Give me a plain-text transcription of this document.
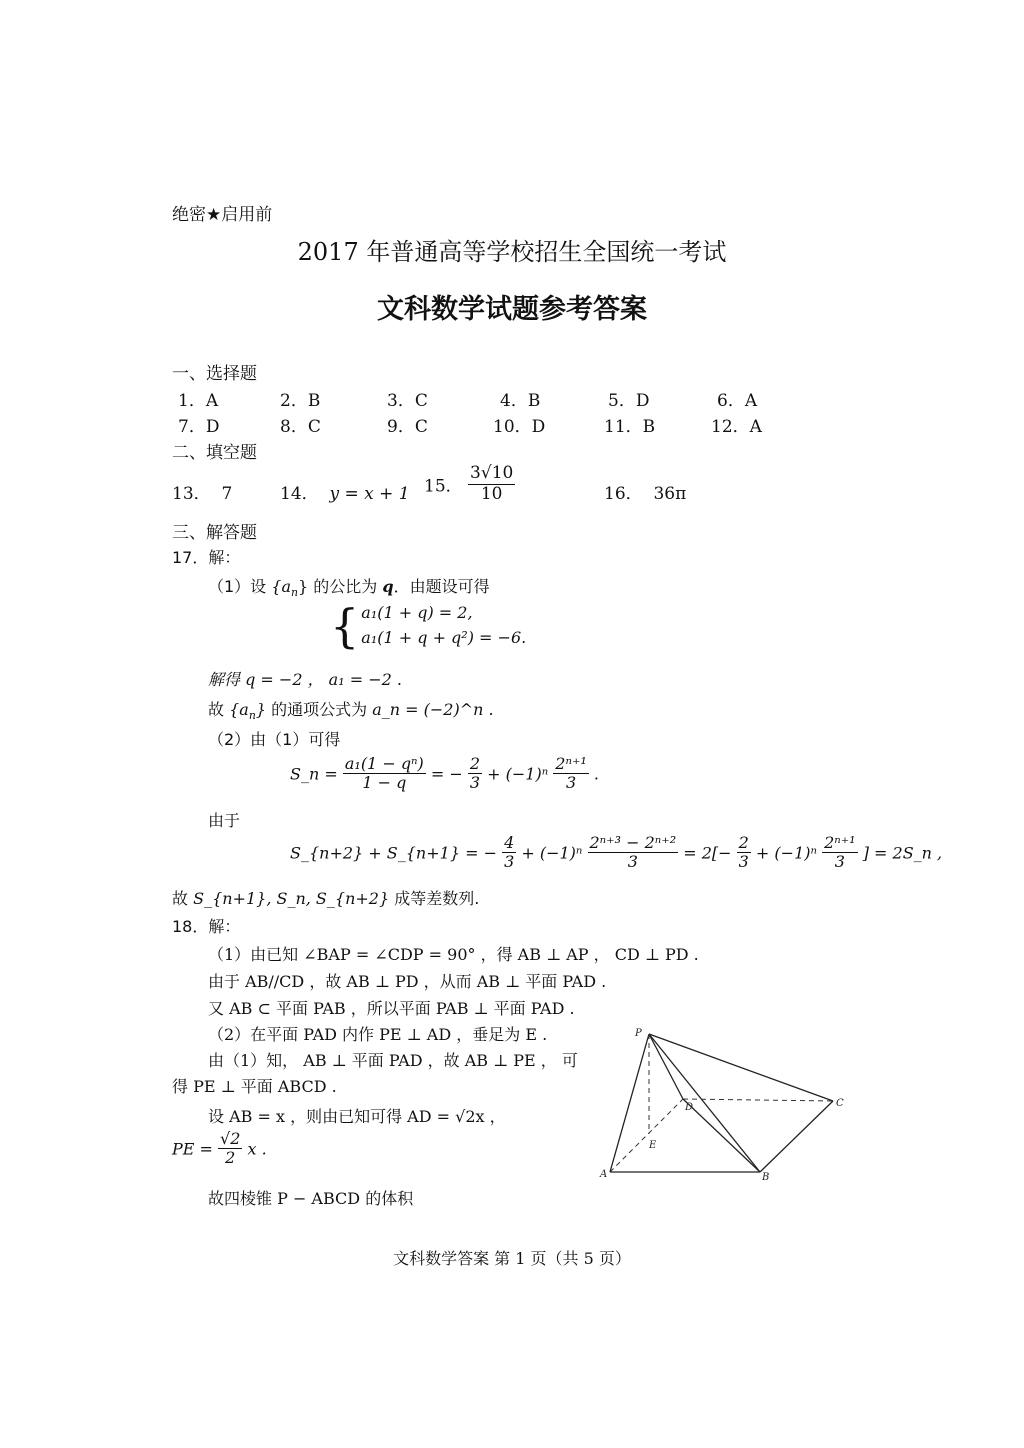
绝密★启用前
2017 年普通高等学校招生全国统一考试
文科数学试题参考答案
一、选择题
1．A	2．B	3．C	4．B	5．D	6．A
7．D	8．C	9．C	10．D	11．B	12．A
二、填空题
13． 7	14． y = x + 1 15． $\frac{3√10}{10}$	16． 36π
三、解答题
17．解：
（1）设 $\{a_n\}$ 的公比为 q．由题设可得
{ a₁(1 + q) = 2,
a₁(1 + q + q²) = −6.
解得 q = −2 ， a₁ = −2 .
故 $\{a_n\}$ 的通项公式为 a_n = (−2)^n .
（2）由（1）可得
S_n = $\frac{\text{a₁(1 − qⁿ)}}{1 - q}$ = − $\frac{2}{3} + (-1)^n \frac{\text{2ⁿ⁺¹}}{3}$ .
由于
S_{n+2} + S_{n+1} = − $\frac{4}{3} + (-1)^n \frac{\text{2ⁿ⁺³ − 2ⁿ⁺²}}{3} = 2[- \frac{2}{3} + (-1)^n \frac{\text{2ⁿ⁺¹}}{3}$ ] = 2S_n ,
故 S_{n+1}, S_n, S_{n+2} 成等差数列.
18．解：
（1）由已知 ∠BAP = ∠CDP = 90° ，得 AB ⊥ AP ， CD ⊥ PD .
由于 AB//CD ，故 AB ⊥ PD ，从而 AB ⊥ 平面 PAD .
又 AB ⊂ 平面 PAB ，所以平面 PAB ⊥ 平面 PAD .
（2）在平面 PAD 内作 PE ⊥ AD ，垂足为 E .
由（1）知， AB ⊥ 平面 PAD ，故 AB ⊥ PE ， 可
得 PE ⊥ 平面 ABCD .
设 AB = x ，则由已知可得 AD = √2x ，
PE = $\frac{√2}{2}$ x .
故四棱锥 P − ABCD 的体积
P
D	C
E
A	B
文科数学答案 第 1 页（共 5 页）
